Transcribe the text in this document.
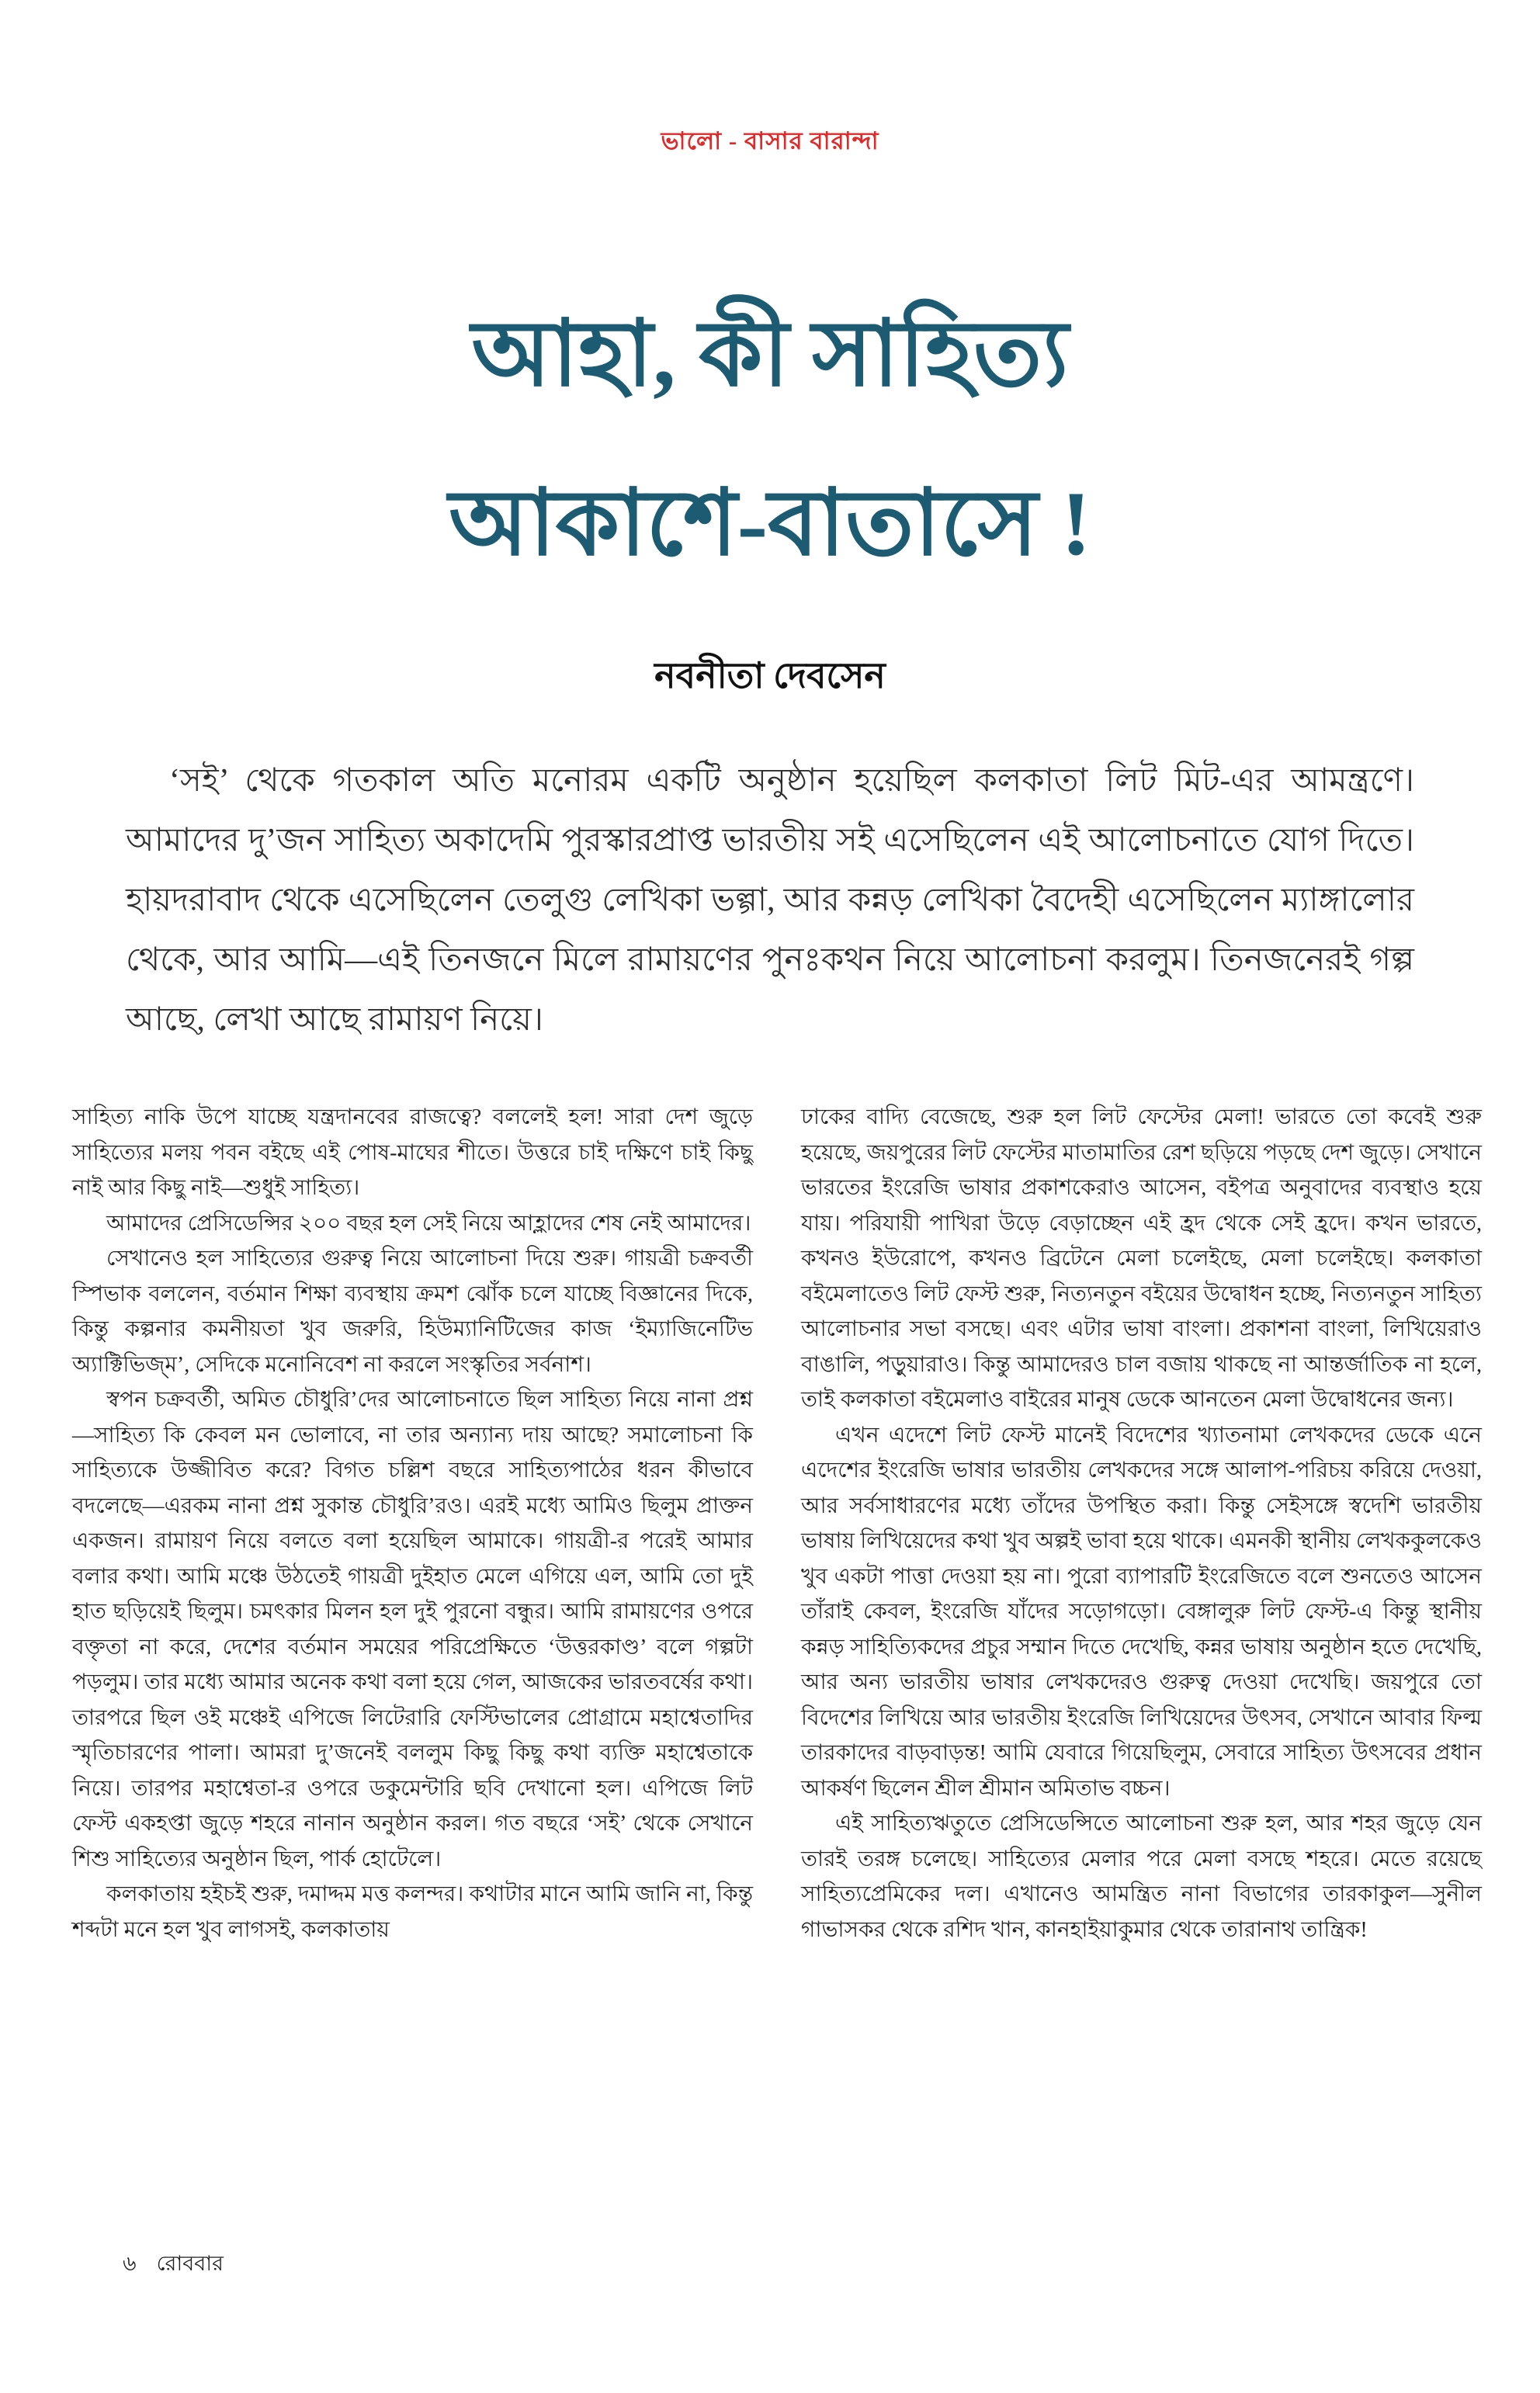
ভালো - বাসার বারান্দা
আহা, কী সাহিত্য
আকাশে-বাতাসে !
নবনীতা দেবসেন

‘সই’ থেকে গতকাল অতি মনোরম একটি অনুষ্ঠান হয়েছিল কলকাতা লিট মিট-এর আমন্ত্রণে। আমাদের দু’জন সাহিত্য অকাদেমি পুরস্কারপ্রাপ্ত ভারতীয় সই এসেছিলেন এই আলোচনাতে যোগ দিতে। হায়দরাবাদ থেকে এসেছিলেন তেলুগু লেখিকা ভল্গা, আর কন্নড় লেখিকা বৈদেহী এসেছিলেন ম্যাঙ্গালোর থেকে, আর আমি—এই তিনজনে মিলে রামায়ণের পুনঃকথন নিয়ে আলোচনা করলুম। তিনজনেরই গল্প আছে, লেখা আছে রামায়ণ নিয়ে।

সাহিত্য নাকি উপে যাচ্ছে যন্ত্রদানবের রাজত্বে? বললেই হল! সারা দেশ জুড়ে সাহিত্যের মলয় পবন বইছে এই পোষ-মাঘের শীতে। উত্তরে চাই দক্ষিণে চাই কিছু নাই আর কিছু নাই—শুধুই সাহিত্য।

আমাদের প্রেসিডেন্সির ২০০ বছর হল সেই নিয়ে আহ্লাদের শেষ নেই আমাদের।

সেখানেও হল সাহিত্যের গুরুত্ব নিয়ে আলোচনা দিয়ে শুরু। গায়ত্রী চক্রবর্তী স্পিভাক বললেন, বর্তমান শিক্ষা ব্যবস্থায় ক্রমশ ঝোঁক চলে যাচ্ছে বিজ্ঞানের দিকে, কিন্তু কল্পনার কমনীয়তা খুব জরুরি, হিউম্যানিটিজের কাজ ‘ইম্যাজিনেটিভ অ্যাক্টিভিজ্‌ম’, সেদিকে মনোনিবেশ না করলে সংস্কৃতির সর্বনাশ।

স্বপন চক্রবর্তী, অমিত চৌধুরি’দের আলোচনাতে ছিল সাহিত্য নিয়ে নানা প্রশ্ন—সাহিত্য কি কেবল মন ভোলাবে, না তার অন্যান্য দায় আছে? সমালোচনা কি সাহিত্যকে উজ্জীবিত করে? বিগত চল্লিশ বছরে সাহিত্যপাঠের ধরন কীভাবে বদলেছে—এরকম নানা প্রশ্ন সুকান্ত চৌধুরি’রও। এরই মধ্যে আমিও ছিলুম প্রাক্তন একজন। রামায়ণ নিয়ে বলতে বলা হয়েছিল আমাকে। গায়ত্রী-র পরেই আমার বলার কথা। আমি মঞ্চে উঠতেই গায়ত্রী দুইহাত মেলে এগিয়ে এল, আমি তো দুই হাত ছড়িয়েই ছিলুম। চমৎকার মিলন হল দুই পুরনো বন্ধুর। আমি রামায়ণের ওপরে বক্তৃতা না করে, দেশের বর্তমান সময়ের পরিপ্রেক্ষিতে ‘উত্তরকাণ্ড’ বলে গল্পটা পড়লুম। তার মধ্যে আমার অনেক কথা বলা হয়ে গেল, আজকের ভারতবর্ষের কথা। তারপরে ছিল ওই মঞ্চেই এপিজে লিটেরারি ফেস্টিভালের প্রোগ্রামে মহাশ্বেতাদির স্মৃতিচারণের পালা। আমরা দু’জনেই বললুম কিছু কিছু কথা ব্যক্তি মহাশ্বেতাকে নিয়ে। তারপর মহাশ্বেতা-র ওপরে ডকুমেন্টারি ছবি দেখানো হল। এপিজে লিট ফেস্ট একহপ্তা জুড়ে শহরে নানান অনুষ্ঠান করল। গত বছরে ‘সই’ থেকে সেখানে শিশু সাহিত্যের অনুষ্ঠান ছিল, পার্ক হোটেলে।

কলকাতায় হইচই শুরু, দমাদ্দম মত্ত কলন্দর। কথাটার মানে আমি জানি না, কিন্তু শব্দটা মনে হল খুব লাগসই, কলকাতায়

ঢাকের বাদ্যি বেজেছে, শুরু হল লিট ফেস্টের মেলা! ভারতে তো কবেই শুরু হয়েছে, জয়পুরের লিট ফেস্টের মাতামাতির রেশ ছড়িয়ে পড়ছে দেশ জুড়ে। সেখানে ভারতের ইংরেজি ভাষার প্রকাশকেরাও আসেন, বইপত্র অনুবাদের ব্যবস্থাও হয়ে যায়। পরিযায়ী পাখিরা উড়ে বেড়াচ্ছেন এই হ্রদ থেকে সেই হ্রদে। কখন ভারতে, কখনও ইউরোপে, কখনও ব্রিটেনে মেলা চলেইছে, মেলা চলেইছে। কলকাতা বইমেলাতেও লিট ফেস্ট শুরু, নিত্যনতুন বইয়ের উদ্বোধন হচ্ছে, নিত্যনতুন সাহিত্য আলোচনার সভা বসছে। এবং এটার ভাষা বাংলা। প্রকাশনা বাংলা, লিখিয়েরাও বাঙালি, পড়ুয়ারাও। কিন্তু আমাদেরও চাল বজায় থাকছে না আন্তর্জাতিক না হলে, তাই কলকাতা বইমেলাও বাইরের মানুষ ডেকে আনতেন মেলা উদ্বোধনের জন্য।

এখন এদেশে লিট ফেস্ট মানেই বিদেশের খ্যাতনামা লেখকদের ডেকে এনে এদেশের ইংরেজি ভাষার ভারতীয় লেখকদের সঙ্গে আলাপ-পরিচয় করিয়ে দেওয়া, আর সর্বসাধারণের মধ্যে তাঁদের উপস্থিত করা। কিন্তু সেইসঙ্গে স্বদেশি ভারতীয় ভাষায় লিখিয়েদের কথা খুব অল্পই ভাবা হয়ে থাকে। এমনকী স্থানীয় লেখককুলকেও খুব একটা পাত্তা দেওয়া হয় না। পুরো ব্যাপারটি ইংরেজিতে বলে শুনতেও আসেন তাঁরাই কেবল, ইংরেজি যাঁদের সড়োগড়ো। বেঙ্গালুরু লিট ফেস্ট-এ কিন্তু স্থানীয় কন্নড় সাহিত্যিকদের প্রচুর সম্মান দিতে দেখেছি, কন্নর ভাষায় অনুষ্ঠান হতে দেখেছি, আর অন্য ভারতীয় ভাষার লেখকদেরও গুরুত্ব দেওয়া দেখেছি। জয়পুরে তো বিদেশের লিখিয়ে আর ভারতীয় ইংরেজি লিখিয়েদের উৎসব, সেখানে আবার ফিল্ম তারকাদের বাড়বাড়ন্ত! আমি যেবারে গিয়েছিলুম, সেবারে সাহিত্য উৎসবের প্রধান আকর্ষণ ছিলেন শ্রীল শ্রীমান অমিতাভ বচ্চন।

এই সাহিত্যঋতুতে প্রেসিডেন্সিতে আলোচনা শুরু হল, আর শহর জুড়ে যেন তারই তরঙ্গ চলেছে। সাহিত্যের মেলার পরে মেলা বসছে শহরে। মেতে রয়েছে সাহিত্যপ্রেমিকের দল। এখানেও আমন্ত্রিত নানা বিভাগের তারকাকুল—সুনীল গাভাসকর থেকে রশিদ খান, কানহাইয়াকুমার থেকে তারানাথ তান্ত্রিক!

৬ রোববার
